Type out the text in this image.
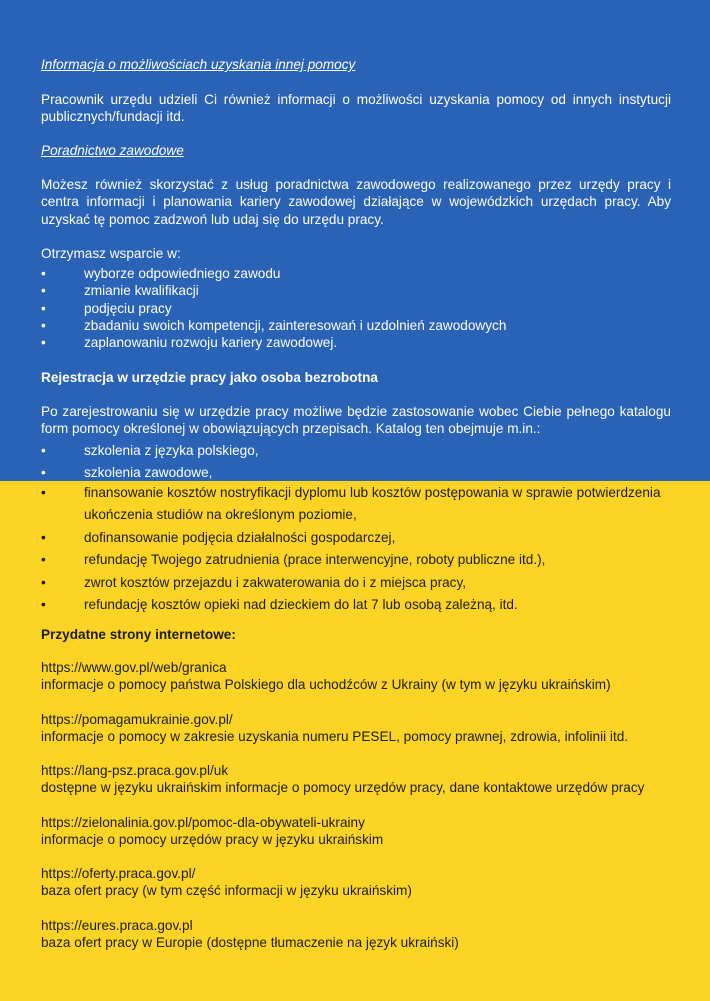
Informacja o możliwościach uzyskania innej pomocy
Pracownik urzędu udzieli Ci również informacji o możliwości uzyskania pomocy od innych instytucji publicznych/fundacji itd.
Poradnictwo zawodowe
Możesz również skorzystać z usług poradnictwa zawodowego realizowanego przez urzędy pracy i centra informacji i planowania kariery zawodowej działające w wojewódzkich urzędach pracy. Aby uzyskać tę pomoc zadzwoń lub udaj się do urzędu pracy.
Otrzymasz wsparcie w:
• wyborze odpowiedniego zawodu
• zmianie kwalifikacji
• podjęciu pracy
• zbadaniu swoich kompetencji, zainteresowań i uzdolnień zawodowych
• zaplanowaniu rozwoju kariery zawodowej.
Rejestracja w urzędzie pracy jako osoba bezrobotna
Po zarejestrowaniu się w urzędzie pracy możliwe będzie zastosowanie wobec Ciebie pełnego katalogu form pomocy określonej w obowiązujących przepisach. Katalog ten obejmuje m.in.:
• szkolenia z języka polskiego,
• szkolenia zawodowe,
• finansowanie kosztów nostryfikacji dyplomu lub kosztów postępowania w sprawie potwierdzenia ukończenia studiów na określonym poziomie,
• dofinansowanie podjęcia działalności gospodarczej,
• refundację Twojego zatrudnienia (prace interwencyjne, roboty publiczne itd.),
• zwrot kosztów przejazdu i zakwaterowania do i z miejsca pracy,
• refundację kosztów opieki nad dzieckiem do lat 7 lub osobą zależną, itd.
Przydatne strony internetowe:
https://www.gov.pl/web/granica
informacje o pomocy państwa Polskiego dla uchodźców z Ukrainy (w tym w języku ukraińskim)
https://pomagamukrainie.gov.pl/
informacje o pomocy w zakresie uzyskania numeru PESEL, pomocy prawnej, zdrowia, infolinii itd.
https://lang-psz.praca.gov.pl/uk
dostępne w języku ukraińskim informacje o pomocy urzędów pracy, dane kontaktowe urzędów pracy
https://zielonalinia.gov.pl/pomoc-dla-obywateli-ukrainy
informacje o pomocy urzędów pracy w języku ukraińskim
https://oferty.praca.gov.pl/
baza ofert pracy (w tym część informacji w języku ukraińskim)
https://eures.praca.gov.pl
baza ofert pracy w Europie (dostępne tłumaczenie na język ukraiński)
